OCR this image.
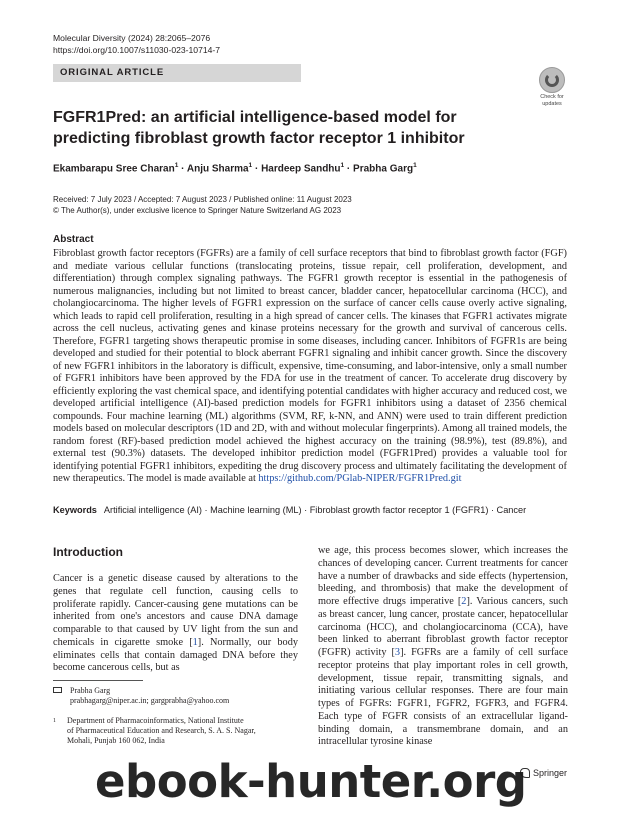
Molecular Diversity (2024) 28:2065–2076
https://doi.org/10.1007/s11030-023-10714-7
ORIGINAL ARTICLE
Check for
updates
FGFR1Pred: an artificial intelligence-based model for predicting fibroblast growth factor receptor 1 inhibitor
Ekambarapu Sree Charan$^1$ · Anju Sharma$^1$ · Hardeep Sandhu$^1$ · Prabha Garg$^1$
Received: 7 July 2023 / Accepted: 7 August 2023 / Published online: 11 August 2023
© The Author(s), under exclusive licence to Springer Nature Switzerland AG 2023
Abstract
Fibroblast growth factor receptors (FGFRs) are a family of cell surface receptors that bind to fibroblast growth factor (FGF) and mediate various cellular functions (translocating proteins, tissue repair, cell proliferation, development, and differentiation) through complex signaling pathways. The FGFR1 growth receptor is essential in the pathogenesis of numerous malignancies, including but not limited to breast cancer, bladder cancer, hepatocellular carcinoma (HCC), and cholangiocarcinoma. The higher levels of FGFR1 expression on the surface of cancer cells cause overly active signaling, which leads to rapid cell proliferation, resulting in a high spread of cancer cells. The kinases that FGFR1 activates migrate across the cell nucleus, activating genes and kinase proteins necessary for the growth and survival of cancerous cells. Therefore, FGFR1 targeting shows therapeutic promise in some diseases, including cancer. Inhibitors of FGFR1s are being developed and studied for their potential to block aberrant FGFR1 signaling and inhibit cancer growth. Since the discovery of new FGFR1 inhibitors in the laboratory is difficult, expensive, time-consuming, and labor-intensive, only a small number of FGFR1 inhibitors have been approved by the FDA for use in the treatment of cancer. To accelerate drug discovery by efficiently exploring the vast chemical space, and identifying potential candidates with higher accuracy and reduced cost, we developed artificial intelligence (AI)-based prediction models for FGFR1 inhibitors using a dataset of 2356 chemical compounds. Four machine learning (ML) algorithms (SVM, RF, k-NN, and ANN) were used to train different prediction models based on molecular descriptors (1D and 2D, with and without molecular fingerprints). Among all trained models, the random forest (RF)-based prediction model achieved the highest accuracy on the training (98.9%), test (89.8%), and external test (90.3%) datasets. The developed inhibitor prediction model (FGFR1Pred) provides a valuable tool for identifying potential FGFR1 inhibitors, expediting the drug discovery process and ultimately facilitating the development of new therapeutics. The model is made available at https://github.com/PGlab-NIPER/FGFR1Pred.git
Keywords Artificial intelligence (AI) · Machine learning (ML) · Fibroblast growth factor receptor 1 (FGFR1) · Cancer
Introduction
Cancer is a genetic disease caused by alterations to the genes that regulate cell function, causing cells to proliferate rapidly. Cancer-causing gene mutations can be inherited from one's ancestors and cause DNA damage comparable to that caused by UV light from the sun and chemicals in cigarette smoke [1]. Normally, our body eliminates cells that contain damaged DNA before they become cancerous cells, but as
we age, this process becomes slower, which increases the chances of developing cancer. Current treatments for cancer have a number of drawbacks and side effects (hypertension, bleeding, and thrombosis) that make the development of more effective drugs imperative [2]. Various cancers, such as breast cancer, lung cancer, prostate cancer, hepatocellular carcinoma (HCC), and cholangiocarcinoma (CCA), have been linked to aberrant fibroblast growth factor receptor (FGFR) activity [3]. FGFRs are a family of cell surface receptor proteins that play important roles in cell growth, development, tissue repair, transmitting signals, and initiating various cellular responses. There are four main types of FGFRs: FGFR1, FGFR2, FGFR3, and FGFR4. Each type of FGFR consists of an extracellular ligand-binding domain, a transmembrane domain, and an intracellular tyrosine kinase
Prabha Garg
prabhagarg@niper.ac.in; gargprabha@yahoo.com
1 Department of Pharmacoinformatics, National Institute
of Pharmaceutical Education and Research, S. A. S. Nagar,
Mohali, Punjab 160 062, India
Springer
ebook-hunter.org
